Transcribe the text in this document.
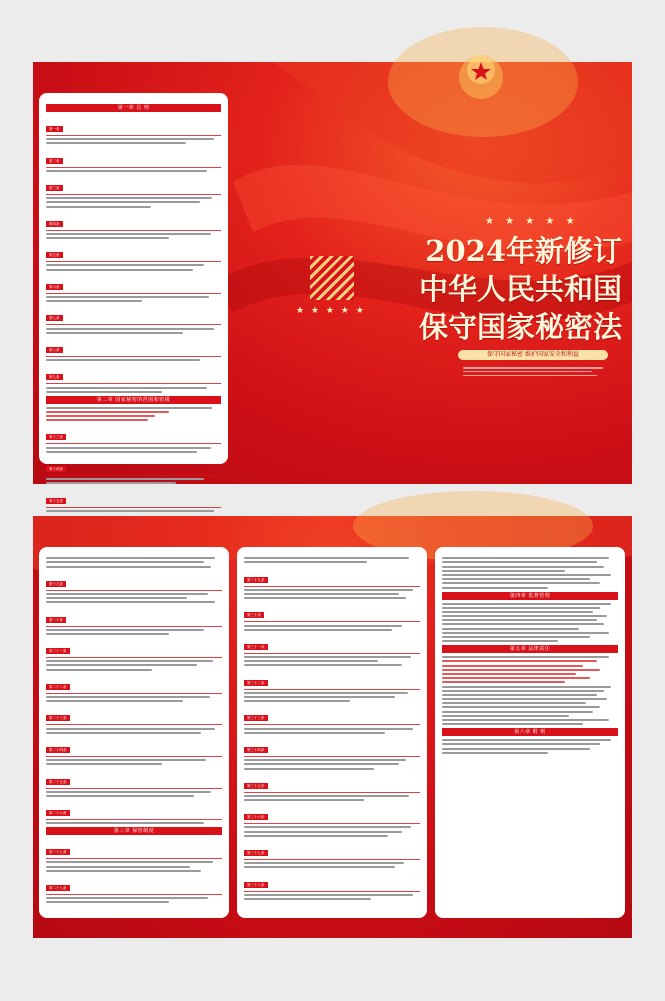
第一章 总 则
第一条
第二条
第三条
第四条
第五条
第六条
第七条
第八条
第九条
第二章 国家秘密的范围和密级
第十三条
第十四条
第十五条
★ ★ ★ ★ ★
★ ★ ★ ★ ★
2024年新修订
中华人民共和国
保守国家秘密法
保守国家秘密 维护国家安全和利益
第十九条
第二十条
第二十一条
第二十二条
第二十三条
第二十四条
第二十五条
第二十六条
第三章 保密制度
第二十七条
第二十八条
第二十九条
第三十条
第三十一条
第三十二条
第三十三条
第三十四条
第三十五条
第三十六条
第三十七条
第三十八条
第四章 监督管理
第五章 法律责任
第六章 附 则
